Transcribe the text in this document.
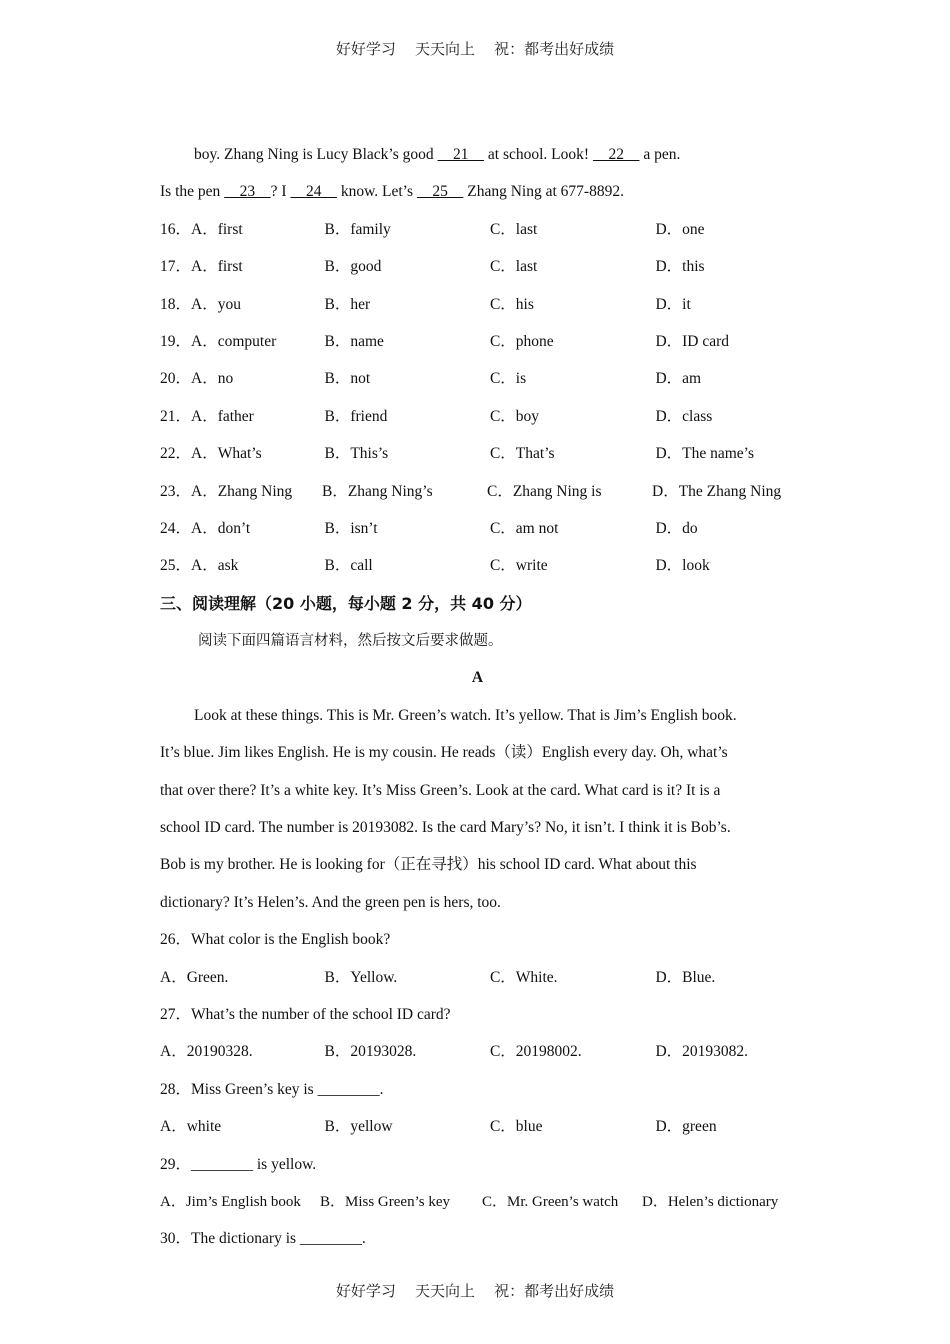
好好学习    天天向上    祝：都考出好成绩
boy. Zhang Ning is Lucy Black’s good     21     at school. Look!     22     a pen.
Is the pen     23    ? I     24     know. Let’s     25     Zhang Ning at 677-8892.
16．A．first	B．family	C．last	D．one
17．A．first	B．good	C．last	D．this
18．A．you	B．her	C．his	D．it
19．A．computer	B．name	C．phone	D．ID card
20．A．no	B．not	C．is	D．am
21．A．father	B．friend	C．boy	D．class
22．A．What’s	B．This’s	C．That’s	D．The name’s
23．A．Zhang Ning	B．Zhang Ning’s	C．Zhang Ning is	D．The Zhang Ning
24．A．don’t	B．isn’t	C．am not	D．do
25．A．ask	B．call	C．write	D．look
三、阅读理解（20 小题，每小题 2 分，共 40 分）
阅读下面四篇语言材料，然后按文后要求做题。
A
Look at these things. This is Mr. Green’s watch. It’s yellow. That is Jim’s English book.
It’s blue. Jim likes English. He is my cousin. He reads（读）English every day. Oh, what’s
that over there? It’s a white key. It’s Miss Green’s. Look at the card. What card is it? It is a
school ID card. The number is 20193082. Is the card Mary’s? No, it isn’t. I think it is Bob’s.
Bob is my brother. He is looking for（正在寻找）his school ID card. What about this
dictionary? It’s Helen’s. And the green pen is hers, too.
26．What color is the English book?
A．Green.	B．Yellow.	C．White.	D．Blue.
27．What’s the number of the school ID card?
A．20190328.	B．20193028.	C．20198002.	D．20193082.
28．Miss Green’s key is ________.
A．white	B．yellow	C．blue	D．green
29．________ is yellow.
A．Jim’s English book	B．Miss Green’s key	C．Mr. Green’s watch	D．Helen’s dictionary
30．The dictionary is ________.
好好学习    天天向上    祝：都考出好成绩
